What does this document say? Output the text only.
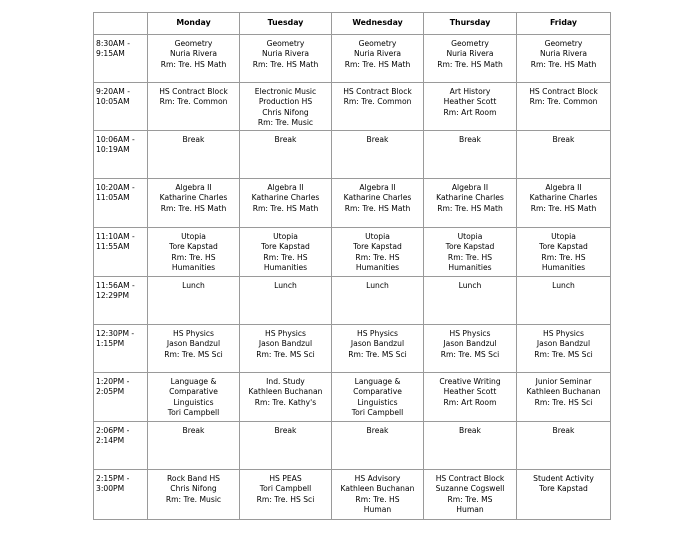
	Monday	Tuesday	Wednesday	Thursday	Friday

8:30AM -
9:15AM	Geometry
Nuria Rivera
Rm: Tre. HS Math	Geometry
Nuria Rivera
Rm: Tre. HS Math	Geometry
Nuria Rivera
Rm: Tre. HS Math	Geometry
Nuria Rivera
Rm: Tre. HS Math	Geometry
Nuria Rivera
Rm: Tre. HS Math

9:20AM -
10:05AM	HS Contract Block
Rm: Tre. Common	Electronic Music
Production HS
Chris Nifong
Rm: Tre. Music	HS Contract Block
Rm: Tre. Common	Art History
Heather Scott
Rm: Art Room	HS Contract Block
Rm: Tre. Common

10:06AM -
10:19AM	Break	Break	Break	Break	Break

10:20AM -
11:05AM	Algebra II
Katharine Charles
Rm: Tre. HS Math	Algebra II
Katharine Charles
Rm: Tre. HS Math	Algebra II
Katharine Charles
Rm: Tre. HS Math	Algebra II
Katharine Charles
Rm: Tre. HS Math	Algebra II
Katharine Charles
Rm: Tre. HS Math

11:10AM -
11:55AM	Utopia
Tore Kapstad
Rm: Tre. HS
Humanities	Utopia
Tore Kapstad
Rm: Tre. HS
Humanities	Utopia
Tore Kapstad
Rm: Tre. HS
Humanities	Utopia
Tore Kapstad
Rm: Tre. HS
Humanities	Utopia
Tore Kapstad
Rm: Tre. HS
Humanities

11:56AM -
12:29PM	Lunch	Lunch	Lunch	Lunch	Lunch

12:30PM -
1:15PM	HS Physics
Jason Bandzul
Rm: Tre. MS Sci	HS Physics
Jason Bandzul
Rm: Tre. MS Sci	HS Physics
Jason Bandzul
Rm: Tre. MS Sci	HS Physics
Jason Bandzul
Rm: Tre. MS Sci	HS Physics
Jason Bandzul
Rm: Tre. MS Sci

1:20PM -
2:05PM	Language &
Comparative
Linguistics
Tori Campbell	Ind. Study
Kathleen Buchanan
Rm: Tre. Kathy's	Language &
Comparative
Linguistics
Tori Campbell	Creative Writing
Heather Scott
Rm: Art Room	Junior Seminar
Kathleen Buchanan
Rm: Tre. HS Sci

2:06PM -
2:14PM	Break	Break	Break	Break	Break

2:15PM -
3:00PM	Rock Band HS
Chris Nifong
Rm: Tre. Music	HS PEAS
Tori Campbell
Rm: Tre. HS Sci	HS Advisory
Kathleen Buchanan
Rm: Tre. HS
Human	HS Contract Block
Suzanne Cogswell
Rm: Tre. MS
Human	Student Activity
Tore Kapstad
